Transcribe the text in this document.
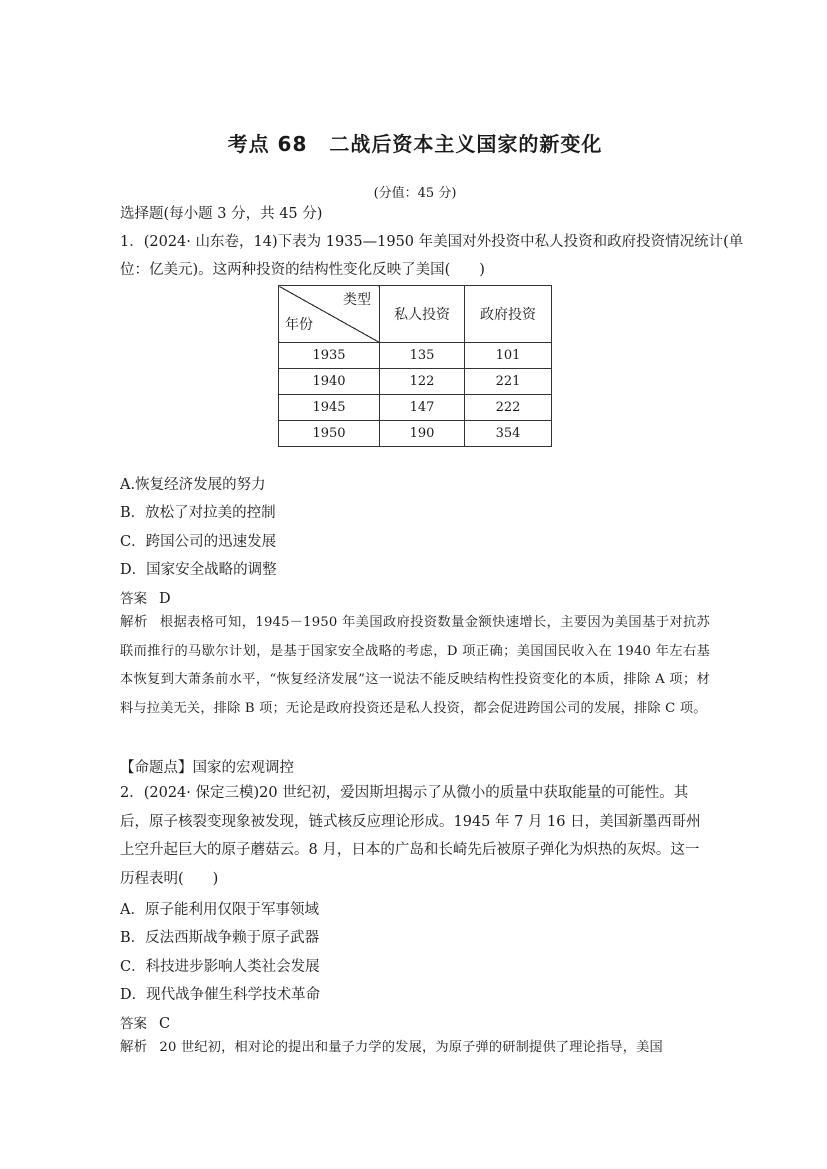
考点 68 二战后资本主义国家的新变化
(分值：45 分)
选择题(每小题 3 分，共 45 分)
1．(2024· 山东卷，14)下表为 1935—1950 年美国对外投资中私人投资和政府投资情况统计(单
位：亿美元)。这两种投资的结构性变化反映了美国(　　)
类型
年份	私人投资	政府投资
1935	135	101
1940	122	221
1945	147	222
1950	190	354
A.恢复经济发展的努力
B．放松了对拉美的控制
C．跨国公司的迅速发展
D．国家安全战略的调整
答案 D
解析 根据表格可知，1945－1950 年美国政府投资数量金额快速增长，主要因为美国基于对抗苏联而推行的马歇尔计划，是基于国家安全战略的考虑，D 项正确；美国国民收入在 1940 年左右基本恢复到大萧条前水平，“恢复经济发展”这一说法不能反映结构性投资变化的本质，排除 A 项；材料与拉美无关，排除 B 项；无论是政府投资还是私人投资，都会促进跨国公司的发展，排除 C 项。
【命题点】国家的宏观调控
2．(2024· 保定三模)20 世纪初，爱因斯坦揭示了从微小的质量中获取能量的可能性。其后，原子核裂变现象被发现，链式核反应理论形成。1945 年 7 月 16 日，美国新墨西哥州上空升起巨大的原子蘑菇云。8 月，日本的广岛和长崎先后被原子弹化为炽热的灰烬。这一历程表明(　　)
A．原子能利用仅限于军事领域
B．反法西斯战争赖于原子武器
C．科技进步影响人类社会发展
D．现代战争催生科学技术革命
答案 C
解析 20 世纪初，相对论的提出和量子力学的发展，为原子弹的研制提供了理论指导，美国
